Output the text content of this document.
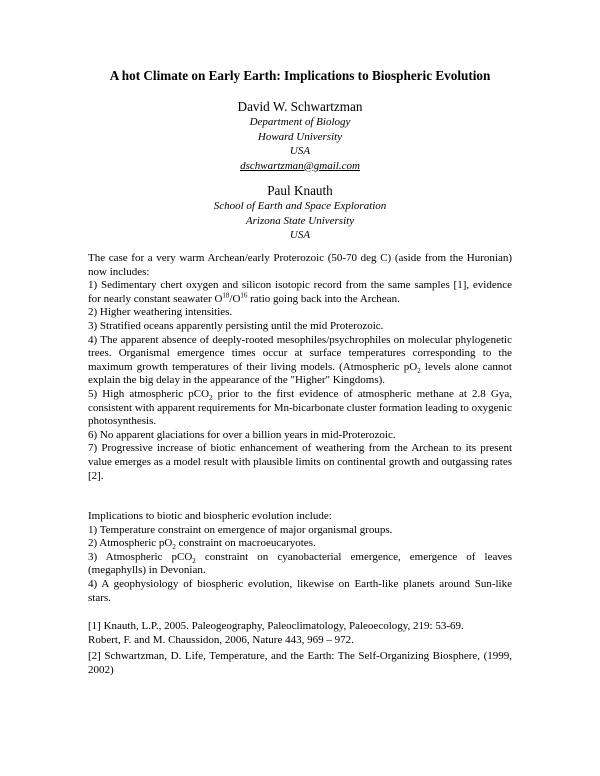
A hot Climate on Early Earth: Implications to Biospheric Evolution
David W. Schwartzman
Department of Biology
Howard University
USA
dschwartzman@gmail.com
Paul Knauth
School of Earth and Space Exploration
Arizona State University
USA

The case for a very warm Archean/early Proterozoic (50-70 deg C) (aside from the Huronian) now includes:

1) Sedimentary chert oxygen and silicon isotopic record from the same samples [1], evidence for nearly constant seawater $O^{18}/O^{16}$ ratio going back into the Archean.

2) Higher weathering intensities.

3) Stratified oceans apparently persisting until the mid Proterozoic.

4) The apparent absence of deeply-rooted mesophiles/psychrophiles on molecular phylogenetic trees. Organismal emergence times occur at surface temperatures corresponding to the maximum growth temperatures of their living models. (Atmospheric $pO_2$ levels alone cannot explain the big delay in the appearance of the "Higher" Kingdoms).

5) High atmospheric pCO$_2$ prior to the first evidence of atmospheric methane at 2.8 Gya, consistent with apparent requirements for Mn-bicarbonate cluster formation leading to oxygenic photosynthesis.

6) No apparent glaciations for over a billion years in mid-Proterozoic.

7) Progressive increase of biotic enhancement of weathering from the Archean to its present value emerges as a model result with plausible limits on continental growth and outgassing rates [2].

Implications to biotic and biospheric evolution include:

1) Temperature constraint on emergence of major organismal groups.

2) Atmospheric $pO_2$ constraint on macroeucaryotes.

3) Atmospheric pCO$_2$ constraint on cyanobacterial emergence, emergence of leaves (megaphylls) in Devonian.

4) A geophysiology of biospheric evolution, likewise on Earth-like planets around Sun-like stars.

[1] Knauth, L.P., 2005. Paleogeography, Paleoclimatology, Paleoecology, 219: 53-69.

Robert, F. and M. Chaussidon, 2006, Nature 443, 969 – 972.

[2] Schwartzman, D. Life, Temperature, and the Earth: The Self-Organizing Biosphere, (1999, 2002)
